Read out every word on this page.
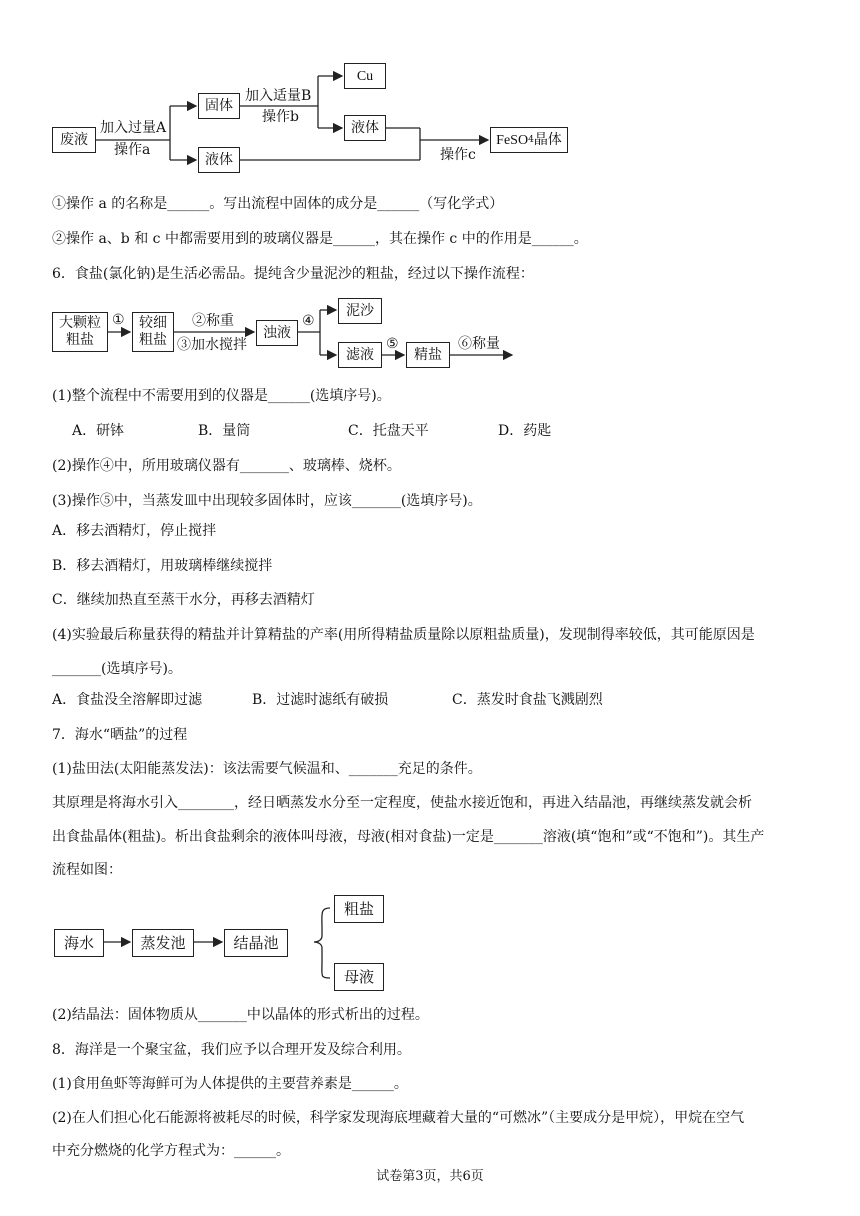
废液
固体
液体
Cu
液体
FeSO 4 晶体
加入过量A
操作a
加入适量B
操作b
操作c
①操作 a 的名称是______。写出流程中固体的成分是______（写化学式）
②操作 a、b 和 c 中都需要用到的玻璃仪器是______，其在操作 c 中的作用是______。
6．食盐(氯化钠)是生活必需品。提纯含少量泥沙的粗盐，经过以下操作流程：
大颗粒
粗盐
① 较细
粗盐
②称重
③加水搅拌
浊液
④
泥沙
滤液
⑤
精盐
⑥称量
(1)整个流程中不需要用到的仪器是______(选填序号)。
A．研钵	B．量筒	C．托盘天平	D．药匙
(2)操作④中，所用玻璃仪器有_______、玻璃棒、烧杯。
(3)操作⑤中，当蒸发皿中出现较多固体时，应该_______(选填序号)。
A．移去酒精灯，停止搅拌
B．移去酒精灯，用玻璃棒继续搅拌
C．继续加热直至蒸干水分，再移去酒精灯
(4)实验最后称量获得的精盐并计算精盐的产率(用所得精盐质量除以原粗盐质量)，发现制得率较低，其可能原因是
_______(选填序号)。
A．食盐没全溶解即过滤	B．过滤时滤纸有破损	C．蒸发时食盐飞溅剧烈
7．海水“晒盐”的过程
(1)盐田法(太阳能蒸发法)：该法需要气候温和、_______充足的条件。
其原理是将海水引入________，经日晒蒸发水分至一定程度，使盐水接近饱和，再进入结晶池，再继续蒸发就会析
出食盐晶体(粗盐)。析出食盐剩余的液体叫母液，母液(相对食盐)一定是_______溶液(填“饱和”或“不饱和”)。其生产
流程如图：
海水	蒸发池	结晶池
粗盐
母液
(2)结晶法：固体物质从_______中以晶体的形式析出的过程。
8．海洋是一个聚宝盆，我们应予以合理开发及综合利用。
(1)食用鱼虾等海鲜可为人体提供的主要营养素是______。
(2)在人们担心化石能源将被耗尽的时候，科学家发现海底埋藏着大量的“可燃冰”（主要成分是甲烷），甲烷在空气
中充分燃烧的化学方程式为：______。
试卷第3页，共6页
